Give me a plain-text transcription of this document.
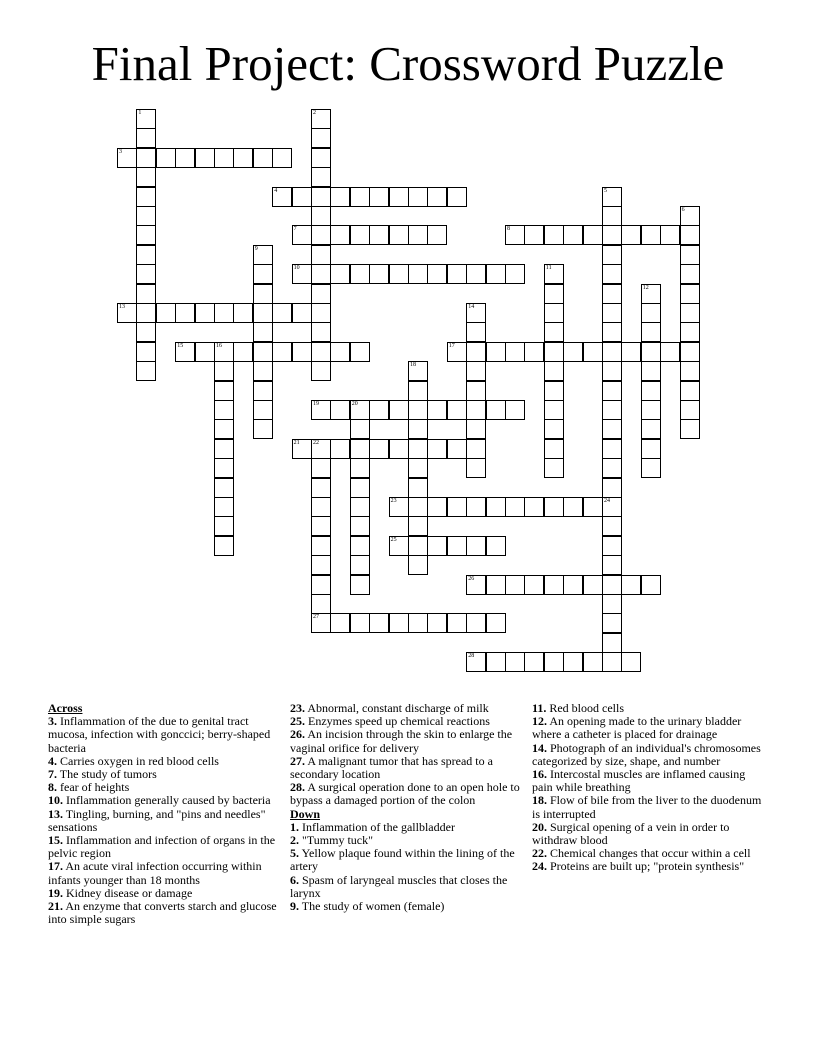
Final Project: Crossword Puzzle
1	2
3
4	5
24
6
7	8
9
10	11
12
13	14
15	16	17
18
19	20
21 22
23
25
26
27
28

Across

3. Inflammation of the due to genital tract mucosa, infection with gonccici; berry-shaped bacteria

4. Carries oxygen in red blood cells

7. The study of tumors

8. fear of heights

10. Inflammation generally caused by bacteria

13. Tingling, burning, and "pins and needles" sensations

15. Inflammation and infection of organs in the pelvic region

17. An acute viral infection occurring within infants younger than 18 months

19. Kidney disease or damage

21. An enzyme that converts starch and glucose into simple sugars

23. Abnormal, constant discharge of milk

25. Enzymes speed up chemical reactions

26. An incision through the skin to enlarge the vaginal orifice for delivery

27. A malignant tumor that has spread to a secondary location

28. A surgical operation done to an open hole to bypass a damaged portion of the colon

Down

1. Inflammation of the gallbladder

2. "Tummy tuck"

5. Yellow plaque found within the lining of the artery

6. Spasm of laryngeal muscles that closes the larynx

9. The study of women (female)

11. Red blood cells

12. An opening made to the urinary bladder where a catheter is placed for drainage

14. Photograph of an individual's chromosomes categorized by size, shape, and number

16. Intercostal muscles are inflamed causing pain while breathing

18. Flow of bile from the liver to the duodenum is interrupted

20. Surgical opening of a vein in order to withdraw blood

22. Chemical changes that occur within a cell

24. Proteins are built up; "protein synthesis"
